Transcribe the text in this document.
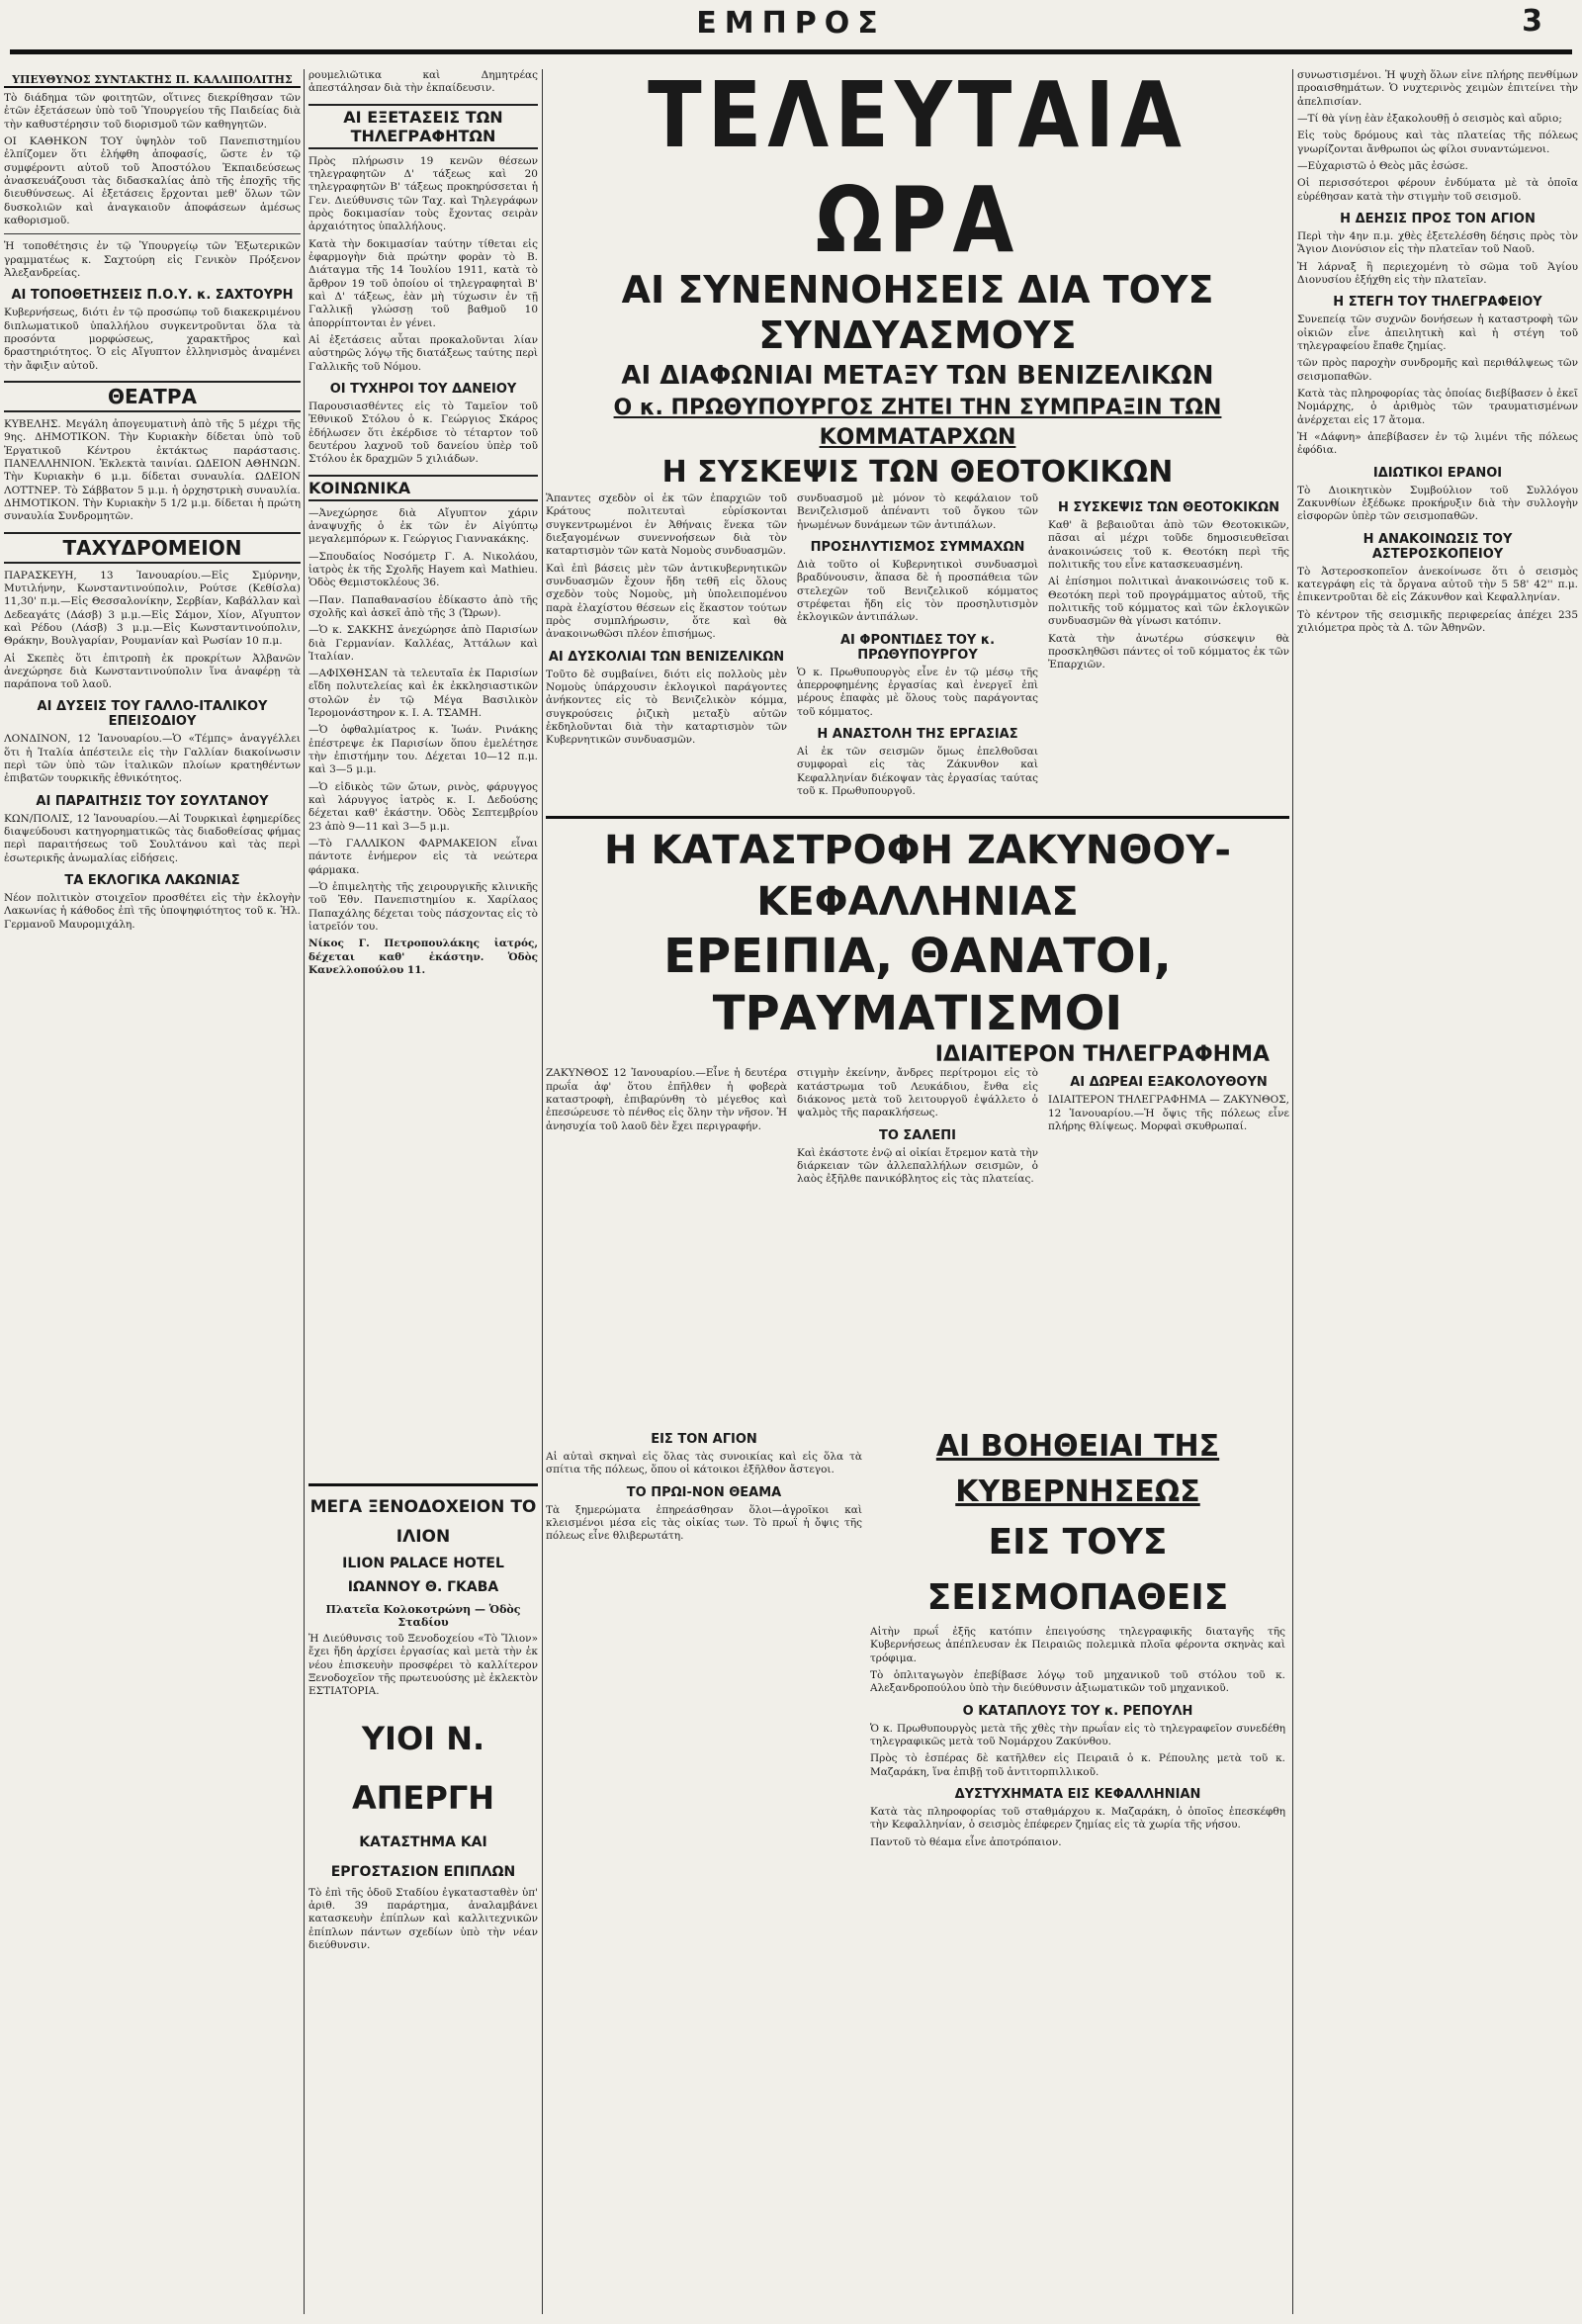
ΕΜΠΡΟΣ	3
ΥΠΕΥΘΥΝΟΣ ΣΥΝΤΑΚΤΗΣ Π. ΚΑΛΛΙΠΟΛΙΤΗΣ

Τὸ διάδημα τῶν φοιτητῶν, οἵτινες διεκρίθησαν τῶν ἐτῶν ἐξετάσεων ὑπὸ τοῦ Ὑπουργείου τῆς Παιδείας διὰ τὴν καθυστέρησιν τοῦ διορισμοῦ τῶν καθηγητῶν.

ΟΙ ΚΑΘΗΚΟΝ ΤΟΥ ὑψηλὸν τοῦ Πανεπιστημίου ἐλπίζομεν ὅτι ἐλήφθη ἀποφασίς, ὥστε ἐν τῷ συμφέροντι αὐτοῦ τοῦ Ἀποστόλου Ἐκπαιδεύσεως ἀνασκευάζουσι τὰς διδασκαλίας ἀπὸ τῆς ἐποχῆς τῆς διευθύνσεως. Αἱ ἐξετάσεις ἔρχονται μεθ' ὅλων τῶν δυσκολιῶν καὶ ἀναγκαιοῦν ἀποφάσεων ἀμέσως καθορισμοῦ.

Ἡ τοποθέτησις ἐν τῷ Ὑπουργείῳ τῶν Ἐξωτερικῶν γραμματέως κ. Σαχτούρη εἰς Γενικὸν Πρόξενον Ἀλεξανδρείας.

ΑΙ ΤΟΠΟΘΕΤΗΣΕΙΣ Π.Ο.Υ. κ. ΣΑΧΤΟΥΡΗ

Κυβερνήσεως, διότι ἐν τῷ προσώπῳ τοῦ διακεκριμένου διπλωματικοῦ ὑπαλλήλου συγκεντροῦνται ὅλα τὰ προσόντα μορφώσεως, χαρακτῆρος καὶ δραστηριότητος. Ὁ εἰς Αἴγυπτον ἑλληνισμὸς ἀναμένει τὴν ἄφιξιν αὐτοῦ.

ΘΕΑΤΡΑ

ΚΥΒΕΛΗΣ. Μεγάλη ἀπογευματινὴ ἀπὸ τῆς 5 μέχρι τῆς 9ης. ΔΗΜΟΤΙΚΟΝ. Τὴν Κυριακὴν δίδεται ὑπὸ τοῦ Ἐργατικοῦ Κέντρου ἐκτάκτως παράστασις. ΠΑΝΕΛΛΗΝΙΟΝ. Ἐκλεκτὰ ταινίαι. ΩΔΕΙΟΝ ΑΘΗΝΩΝ. Τὴν Κυριακὴν 6 μ.μ. δίδεται συναυλία. ΩΔΕΙΟΝ ΛΟΤΤΝΕΡ. Τὸ Σάββατον 5 μ.μ. ἡ ὀρχηστρικὴ συναυλία. ΔΗΜΟΤΙΚΟΝ. Τὴν Κυριακὴν 5 1/2 μ.μ. δίδεται ἡ πρώτη συναυλία Συνδρομητῶν.

ΤΑΧΥΔΡΟΜΕΙΟΝ

ΠΑΡΑΣΚΕΥΗ, 13 Ἰανουαρίου.—Εἰς Σμύρνην, Μυτιλήνην, Κωνσταντινούπολιν, Ρούτσε (Κεθίσλα) 11,30' π.μ.—Εἰς Θεσσαλονίκην, Σερβίαν, Καβάλλαν καὶ Δεδεαγάτς (Δάσβ) 3 μ.μ.—Εἰς Σάμον, Χίον, Αἴγυπτον καὶ Ρέδου (Λάσβ) 3 μ.μ.—Εἰς Κωνσταντινούπολιν, Θράκην, Βουλγαρίαν, Ρουμανίαν καὶ Ρωσίαν 10 π.μ.

Αἱ Σκεπὲς ὅτι ἐπιτροπὴ ἐκ προκρίτων Ἀλβανῶν ἀνεχώρησε διὰ Κωνσταντινούπολιν ἵνα ἀναφέρῃ τὰ παράπονα τοῦ λαοῦ.

ΑΙ ΔΥΣΕΙΣ ΤΟΥ ΓΑΛΛΟ-ΙΤΑΛΙΚΟΥ ΕΠΕΙΣΟΔΙΟΥ

ΛΟΝΔΙΝΟΝ, 12 Ἰανουαρίου.—Ὁ «Τέμπς» ἀναγγέλλει ὅτι ἡ Ἰταλία ἀπέστειλε εἰς τὴν Γαλλίαν διακοίνωσιν περὶ τῶν ὑπὸ τῶν ἰταλικῶν πλοίων κρατηθέντων ἐπιβατῶν τουρκικῆς ἐθνικότητος.

ΑΙ ΠΑΡΑΙΤΗΣΙΣ ΤΟΥ ΣΟΥΛΤΑΝΟΥ

ΚΩΝ/ΠΟΛΙΣ, 12 Ἰανουαρίου.—Αἱ Τουρκικαὶ ἐφημερίδες διαψεύδουσι κατηγορηματικῶς τὰς διαδοθείσας φήμας περὶ παραιτήσεως τοῦ Σουλτάνου καὶ τὰς περὶ ἐσωτερικῆς ἀνωμαλίας εἰδήσεις.

ΤΑ ΕΚΛΟΓΙΚΑ ΛΑΚΩΝΙΑΣ

Νέον πολιτικὸν στοιχεῖον προσθέτει εἰς τὴν ἐκλογὴν Λακωνίας ἡ κάθοδος ἐπὶ τῆς ὑποψηφιότητος τοῦ κ. Ἠλ. Γερμανοῦ Μαυρομιχάλη.

ρουμελιῶτικα καὶ Δημητρέας ἀπεστάλησαν διὰ τὴν ἐκπαίδευσιν.

ΑΙ ΕΞΕΤΑΣΕΙΣ ΤΩΝ ΤΗΛΕΓΡΑΦΗΤΩΝ

Πρὸς πλήρωσιν 19 κενῶν θέσεων τηλεγραφητῶν Δ' τάξεως καὶ 20 τηλεγραφητῶν Β' τάξεως προκηρύσσεται ἡ Γεν. Διεύθυνσις τῶν Ταχ. καὶ Τηλεγράφων πρὸς δοκιμασίαν τοὺς ἔχοντας σειρὰν ἀρχαιότητος ὑπαλλήλους.

Κατὰ τὴν δοκιμασίαν ταύτην τίθεται εἰς ἐφαρμογὴν διὰ πρώτην φορὰν τὸ Β. Διάταγμα τῆς 14 Ἰουλίου 1911, κατὰ τὸ ἄρθρον 19 τοῦ ὁποίου οἱ τηλεγραφηταὶ Β' καὶ Δ' τάξεως, ἐὰν μὴ τύχωσιν ἐν τῇ Γαλλικῇ γλώσσῃ τοῦ βαθμοῦ 10 ἀπορρίπτονται ἐν γένει.

Αἱ ἐξετάσεις αὗται προκαλοῦνται λίαν αὐστηρῶς λόγῳ τῆς διατάξεως ταύτης περὶ Γαλλικῆς τοῦ Νόμου.

ΟΙ ΤΥΧΗΡΟΙ ΤΟΥ ΔΑΝΕΙΟΥ

Παρουσιασθέντες εἰς τὸ Ταμεῖον τοῦ Ἐθνικοῦ Στόλου ὁ κ. Γεώργιος Σκάρος ἐδήλωσεν ὅτι ἐκέρδισε τὸ τέταρτον τοῦ δευτέρου λαχνοῦ τοῦ δανείου ὑπὲρ τοῦ Στόλου ἐκ δραχμῶν 5 χιλιάδων.

ΚΟΙΝΩΝΙΚΑ

—Ἀνεχώρησε διὰ Αἴγυπτον χάριν ἀναψυχῆς ὁ ἐκ τῶν ἐν Αἰγύπτῳ μεγαλεμπόρων κ. Γεώργιος Γιαννακάκης.

—Σπουδαίος Νοσόμετρ Γ. Α. Νικολάου, ἰατρὸς ἐκ τῆς Σχολῆς Hayem καὶ Mathieu. Ὁδὸς Θεμιστοκλέους 36.

—Παν. Παπαθανασίου ἐδίκαστο ἀπὸ τῆς σχολῆς καὶ ἀσκεῖ ἀπὸ τῆς 3 (Ὥρων).

—Ὁ κ. ΣΑΚΚΗΣ ἀνεχώρησε ἀπὸ Παρισίων διὰ Γερμανίαν. Καλλέας, Ἀττάλων καὶ Ἰταλίαν.

—ΑΦΙΧΘΗΣΑΝ τὰ τελευταῖα ἐκ Παρισίων εἴδη πολυτελείας καὶ ἐκ ἐκκλησιαστικῶν στολῶν ἐν τῷ Μέγα Βασιλικὸν Ἰερομονάστηρον κ. Ι. Α. ΤΣΑΜΗ.

—Ὁ ὀφθαλμίατρος κ. Ἰωάν. Ρινάκης ἐπέστρεψε ἐκ Παρισίων ὅπου ἐμελέτησε τὴν ἐπιστήμην του. Δέχεται 10—12 π.μ. καὶ 3—5 μ.μ.

—Ὁ εἰδικὸς τῶν ὤτων, ρινὸς, φάρυγγος καὶ λάρυγγος ἰατρὸς κ. Ι. Δεδούσης δέχεται καθ' ἑκάστην. Ὁδὸς Σεπτεμβρίου 23 ἀπὸ 9—11 καὶ 3—5 μ.μ.

—Τὸ ΓΑΛΛΙΚΟΝ ΦΑΡΜΑΚΕΙΟΝ εἶναι πάντοτε ἐνήμερον εἰς τὰ νεώτερα φάρμακα.

—Ὁ ἐπιμελητὴς τῆς χειρουργικῆς κλινικῆς τοῦ Ἐθν. Πανεπιστημίου κ. Χαρίλαος Παπαχάλης δέχεται τοὺς πάσχοντας εἰς τὸ ἰατρεῖόν του.

Νίκος Γ. Πετροπουλάκης ἰατρός, δέχεται καθ' ἑκάστην. Ὁδὸς Κανελλοπούλου 11.

ΤΕΛΕΥΤΑΙΑ ΩΡΑ
ΑΙ ΣΥΝΕΝΝΟΗΣΕΙΣ ΔΙΑ ΤΟΥΣ ΣΥΝΔΥΑΣΜΟΥΣ
ΑΙ ΔΙΑΦΩΝΙΑΙ ΜΕΤΑΞΥ ΤΩΝ ΒΕΝΙΖΕΛΙΚΩΝ
Ο κ. ΠΡΩΘΥΠΟΥΡΓΟΣ ΖΗΤΕΙ ΤΗΝ ΣΥΜΠΡΑΞΙΝ ΤΩΝ ΚΟΜΜΑΤΑΡΧΩΝ
Η ΣΥΣΚΕΨΙΣ ΤΩΝ ΘΕΟΤΟΚΙΚΩΝ

Ἅπαντες σχεδὸν οἱ ἐκ τῶν ἐπαρχιῶν τοῦ Κράτους πολιτευταὶ εὑρίσκονται συγκεντρωμένοι ἐν Ἀθήναις ἕνεκα τῶν διεξαγομένων συνεννοήσεων διὰ τὸν καταρτισμὸν τῶν κατὰ Νομοὺς συνδυασμῶν.

Καὶ ἐπὶ βάσεις μὲν τῶν ἀντικυβερνητικῶν συνδυασμῶν ἔχουν ἤδη τεθῆ εἰς ὅλους σχεδὸν τοὺς Νομοὺς, μὴ ὑπολειπομένου παρὰ ἐλαχίστου θέσεων εἰς ἕκαστον τούτων πρὸς συμπλήρωσιν, ὅτε καὶ θὰ ἀνακοινωθῶσι πλέον ἐπισήμως.

ΑΙ ΔΥΣΚΟΛΙΑΙ ΤΩΝ ΒΕΝΙΖΕΛΙΚΩΝ

Τοῦτο δὲ συμβαίνει, διότι εἰς πολλοὺς μὲν Νομοὺς ὑπάρχουσιν ἐκλογικοὶ παράγοντες ἀνήκοντες εἰς τὸ Βενιζελικὸν κόμμα, συγκρούσεις ῥιζικὴ μεταξὺ αὐτῶν ἐκδηλοῦνται διὰ τὴν καταρτισμὸν τῶν Κυβερνητικῶν συνδυασμῶν.

συνδυασμοῦ μὲ μόνον τὸ κεφάλαιον τοῦ Βενιζελισμοῦ ἀπέναντι τοῦ ὄγκου τῶν ἡνωμένων δυνάμεων τῶν ἀντιπάλων.

ΠΡΟΣΗΛΥΤΙΣΜΟΣ ΣΥΜΜΑΧΩΝ

Διὰ τοῦτο οἱ Κυβερνητικοὶ συνδυασμοὶ βραδύνουσιν, ἅπασα δὲ ἡ προσπάθεια τῶν στελεχῶν τοῦ Βενιζελικοῦ κόμματος στρέφεται ἤδη εἰς τὸν προσηλυτισμὸν ἐκλογικῶν ἀντιπάλων.

ΑΙ ΦΡΟΝΤΙΔΕΣ ΤΟΥ κ. ΠΡΩΘΥΠΟΥΡΓΟΥ

Ὁ κ. Πρωθυπουργὸς εἶνε ἐν τῷ μέσῳ τῆς ἀπερροφημένης ἐργασίας καὶ ἐνεργεῖ ἐπὶ μέρους ἐπαφὰς μὲ ὅλους τοὺς παράγοντας τοῦ κόμματος.

Η ΑΝΑΣΤΟΛΗ ΤΗΣ ΕΡΓΑΣΙΑΣ

Αἱ ἐκ τῶν σεισμῶν ὅμως ἐπελθοῦσαι συμφοραὶ εἰς τὰς Ζάκυνθον καὶ Κεφαλληνίαν διέκοψαν τὰς ἐργασίας ταύτας τοῦ κ. Πρωθυπουργοῦ.

Η ΣΥΣΚΕΨΙΣ ΤΩΝ ΘΕΟΤΟΚΙΚΩΝ

Καθ' ἃ βεβαιοῦται ἀπὸ τῶν Θεοτοκικῶν, πᾶσαι αἱ μέχρι τοῦδε δημοσιευθεῖσαι ἀνακοινώσεις τοῦ κ. Θεοτόκη περὶ τῆς πολιτικῆς του εἶνε κατασκευασμένη.

Αἱ ἐπίσημοι πολιτικαὶ ἀνακοινώσεις τοῦ κ. Θεοτόκη περὶ τοῦ προγράμματος αὐτοῦ, τῆς πολιτικῆς τοῦ κόμματος καὶ τῶν ἐκλογικῶν συνδυασμῶν θὰ γίνωσι κατόπιν.

Κατὰ τὴν ἀνωτέρω σύσκεψιν θὰ προσκληθῶσι πάντες οἱ τοῦ κόμματος ἐκ τῶν Ἐπαρχιῶν.

Η ΚΑΤΑΣΤΡΟΦΗ ΖΑΚΥΝΘΟΥ-ΚΕΦΑΛΛΗΝΙΑΣ
ΕΡΕΙΠΙΑ, ΘΑΝΑΤΟΙ, ΤΡΑΥΜΑΤΙΣΜΟΙ
ΙΔΙΑΙΤΕΡΟΝ ΤΗΛΕΓΡΑΦΗΜΑ

ΖΑΚΥΝΘΟΣ 12 Ἰανουαρίου.—Εἶνε ἡ δευτέρα πρωΐα ἀφ' ὅτου ἐπῆλθεν ἡ φοβερὰ καταστροφὴ, ἐπιβαρύνθη τὸ μέγεθος καὶ ἐπεσώρευσε τὸ πένθος εἰς ὅλην τὴν νῆσον. Ἡ ἀνησυχία τοῦ λαοῦ δὲν ἔχει περιγραφήν.

στιγμὴν ἐκείνην, ἄνδρες περίτρομοι εἰς τὸ κατάστρωμα τοῦ Λευκάδιου, ἔνθα εἰς διάκονος μετὰ τοῦ λειτουργοῦ ἐψάλλετο ὁ ψαλμὸς τῆς παρακλήσεως.

ΤΟ ΣΑΛΕΠΙ

Καὶ ἐκάστοτε ἐνῷ αἱ οἰκίαι ἔτρεμον κατὰ τὴν διάρκειαν τῶν ἀλλεπαλλήλων σεισμῶν, ὁ λαὸς ἐξῆλθε πανικόβλητος εἰς τὰς πλατείας.

ΑΙ ΔΩΡΕΑΙ ΕΞΑΚΟΛΟΥΘΟΥΝ

ΙΔΙΑΙΤΕΡΟΝ ΤΗΛΕΓΡΑΦΗΜΑ — ΖΑΚΥΝΘΟΣ, 12 Ἰανουαρίου.—Ἡ ὄψις τῆς πόλεως εἶνε πλήρης θλίψεως. Μορφαὶ σκυθρωπαί.

ΕΙΣ ΤΟΝ ΑΓΙΟΝ

Αἱ αὐταὶ σκηναὶ εἰς ὅλας τὰς συνοικίας καὶ εἰς ὅλα τὰ σπίτια τῆς πόλεως, ὅπου οἱ κάτοικοι ἐξῆλθον ἄστεγοι.

ΤΟ ΠΡΩΙ-ΝΟΝ ΘΕΑΜΑ

Τὰ ξημερώματα ἐπηρεάσθησαν ὅλοι—ἀγροῖκοι καὶ κλεισμένοι μέσα εἰς τὰς οἰκίας των. Τὸ πρωΐ ἡ ὄψις τῆς πόλεως εἶνε θλιβερωτάτη.

ΜΕΓΑ ΞΕΝΟΔΟΧΕΙΟΝ ΤΟ ΙΛΙΟΝ
ILION PALACE HOTEL
ΙΩΑΝΝΟΥ Θ. ΓΚΑΒΑ
Πλατεῖα Κολοκοτρώνη — Ὁδὸς Σταδίου

Ἡ Διεύθυνσις τοῦ Ξενοδοχείου «Τὸ Ἴλιον» ἔχει ἤδη ἀρχίσει ἐργασίας καὶ μετὰ τὴν ἐκ νέου ἐπισκευὴν προσφέρει τὸ καλλίτερον Ξενοδοχεῖον τῆς πρωτευούσης μὲ ἐκλεκτὸν ΕΣΤΙΑΤΟΡΙΑ.

ΥΙΟΙ Ν. ΑΠΕΡΓΗ
ΚΑΤΑΣΤΗΜΑ ΚΑΙ ΕΡΓΟΣΤΑΣΙΟΝ ΕΠΙΠΛΩΝ

Τὸ ἐπὶ τῆς ὁδοῦ Σταδίου ἐγκατασταθὲν ὑπ' ἀριθ. 39 παράρτημα, ἀναλαμβάνει κατασκευὴν ἐπίπλων καὶ καλλιτεχνικῶν ἐπίπλων πάντων σχεδίων ὑπὸ τὴν νέαν διεύθυνσιν.

ΑΙ ΒΟΗΘΕΙΑΙ ΤΗΣ ΚΥΒΕΡΝΗΣΕΩΣ
ΕΙΣ ΤΟΥΣ ΣΕΙΣΜΟΠΑΘΕΙΣ

Αἰτὴν πρωΐ ἐξῆς κατόπιν ἐπειγούσης τηλεγραφικῆς διαταγῆς τῆς Κυβερνήσεως ἀπέπλευσαν ἐκ Πειραιῶς πολεμικὰ πλοῖα φέροντα σκηνὰς καὶ τρόφιμα.

Τὸ ὁπλιταγωγὸν ἐπεβίβασε λόγῳ τοῦ μηχανικοῦ τοῦ στόλου τοῦ κ. Αλεξανδροπούλου ὑπὸ τὴν διεύθυνσιν ἀξιωματικῶν τοῦ μηχανικοῦ.

Ο ΚΑΤΑΠΛΟΥΣ ΤΟΥ κ. ΡΕΠΟΥΛΗ

Ὁ κ. Πρωθυπουργὸς μετὰ τῆς χθὲς τὴν πρωΐαν εἰς τὸ τηλεγραφεῖον συνεδέθη τηλεγραφικῶς μετὰ τοῦ Νομάρχου Ζακύνθου.

Πρὸς τὸ ἑσπέρας δὲ κατῆλθεν εἰς Πειραιᾶ ὁ κ. Ρέπουλης μετὰ τοῦ κ. Μαζαράκη, ἵνα ἐπιβῇ τοῦ ἀντιτορπιλλικοῦ.

ΔΥΣΤΥΧΗΜΑΤΑ ΕΙΣ ΚΕΦΑΛΛΗΝΙΑΝ

Κατὰ τὰς πληροφορίας τοῦ σταθμάρχου κ. Μαζαράκη, ὁ ὁποῖος ἐπεσκέφθη τὴν Κεφαλληνίαν, ὁ σεισμὸς ἐπέφερεν ζημίας εἰς τὰ χωρία τῆς νήσου.

Παντοῦ τὸ θέαμα εἶνε ἀποτρόπαιον.

συνωστισμένοι. Ἡ ψυχὴ ὅλων εἶνε πλήρης πενθίμων προαισθημάτων. Ὁ νυχτερινὸς χειμὼν ἐπιτείνει τὴν ἀπελπισίαν.

—Τί θὰ γίνῃ ἐὰν ἐξακολουθῇ ὁ σεισμὸς καὶ αὔριο;

Εἰς τοὺς δρόμους καὶ τὰς πλατείας τῆς πόλεως γνωρίζονται ἄνθρωποι ὡς φίλοι συναντώμενοι.

—Εὐχαριστῶ ὁ Θεὸς μᾶς ἐσώσε.

Οἱ περισσότεροι φέρουν ἐνδύματα μὲ τὰ ὁποῖα εὑρέθησαν κατὰ τὴν στιγμὴν τοῦ σεισμοῦ.

Η ΔΕΗΣΙΣ ΠΡΟΣ ΤΟΝ ΑΓΙΟΝ

Περὶ τὴν 4ην π.μ. χθὲς ἐξετελέσθη δέησις πρὸς τὸν Ἅγιον Διονύσιον εἰς τὴν πλατεῖαν τοῦ Ναοῦ.

Ἡ λάρναξ ἢ περιεχομένη τὸ σῶμα τοῦ Ἁγίου Διονυσίου ἐξήχθη εἰς τὴν πλατεῖαν.

Η ΣΤΕΓΗ ΤΟΥ ΤΗΛΕΓΡΑΦΕΙΟΥ

Συνεπείᾳ τῶν συχνῶν δονήσεων ἡ καταστροφὴ τῶν οἰκιῶν εἶνε ἀπειλητικὴ καὶ ἡ στέγη τοῦ τηλεγραφείου ἔπαθε ζημίας.

τῶν πρὸς παροχὴν συνδρομῆς καὶ περιθάλψεως τῶν σεισμοπαθῶν.

Κατὰ τὰς πληροφορίας τὰς ὁποίας διεβίβασεν ὁ ἐκεῖ Νομάρχης, ὁ ἀριθμὸς τῶν τραυματισμένων ἀνέρχεται εἰς 17 ἄτομα.

Ἡ «Δάφνη» ἀπεβίβασεν ἐν τῷ λιμένι τῆς πόλεως ἐφόδια.

ΙΔΙΩΤΙΚΟΙ ΕΡΑΝΟΙ

Τὸ Διοικητικὸν Συμβούλιον τοῦ Συλλόγου Ζακυνθίων ἐξέδωκε προκήρυξιν διὰ τὴν συλλογὴν εἰσφορῶν ὑπὲρ τῶν σεισμοπαθῶν.

Η ΑΝΑΚΟΙΝΩΣΙΣ ΤΟΥ ΑΣΤΕΡΟΣΚΟΠΕΙΟΥ

Τὸ Ἀστεροσκοπεῖον ἀνεκοίνωσε ὅτι ὁ σεισμὸς κατεγράφη εἰς τὰ ὄργανα αὐτοῦ τὴν 5 58' 42'' π.μ. ἐπικεντροῦται δὲ εἰς Ζάκυνθον καὶ Κεφαλληνίαν.

Τὸ κέντρον τῆς σεισμικῆς περιφερείας ἀπέχει 235 χιλιόμετρα πρὸς τὰ Δ. τῶν Ἀθηνῶν.
